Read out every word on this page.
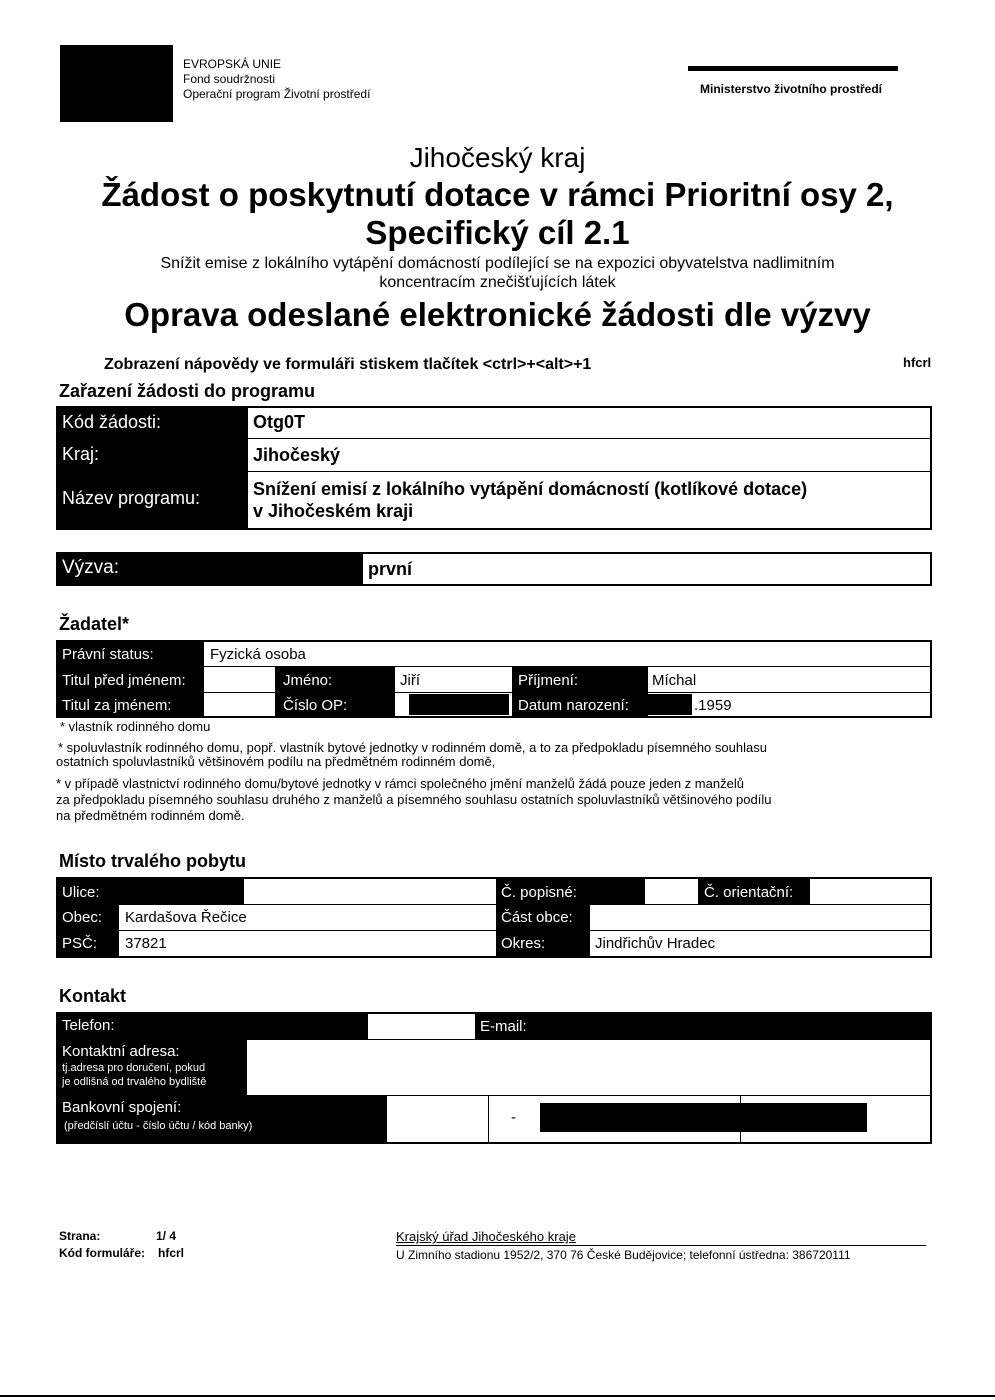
EVROPSKÁ UNIE
Fond soudržnosti
Operační program Životní prostředí	Ministerstvo životního prostředí
Jihočeský kraj
Žádost o poskytnutí dotace v rámci Prioritní osy 2,
Specifický cíl 2.1
Snížit emise z lokálního vytápění domácností podílející se na expozici obyvatelstva nadlimitním
koncentracím znečišťujících látek
Oprava odeslané elektronické žádosti dle výzvy
Zobrazení nápovědy ve formuláři stiskem tlačítek <ctrl>+<alt>+1	hfcrl
Zařazení žádosti do programu
Kód žádosti:	Otg0T
Kraj:	Jihočeský
Název programu:	Snížení emisí z lokálního vytápění domácností (kotlíkové dotace)
v Jihočeském kraji
Výzva:	první
Žadatel*
Právní status:	Fyzická osoba
Titul před jménem:	Jméno:	Jiří	Příjmení:	Míchal
Titul za jménem:	Číslo OP:	Datum narození:	.1959
* vlastník rodinného domu
* spoluvlastník rodinného domu, popř. vlastník bytové jednotky v rodinném domě, a to za předpokladu písemného souhlasu
ostatních spoluvlastníků většinovém podílu na předmětném rodinném domě,
* v případě vlastnictví rodinného domu/bytové jednotky v rámci společného jmění manželů žádá pouze jeden z manželů
za předpokladu písemného souhlasu druhého z manželů a písemného souhlasu ostatních spoluvlastníků většinového podílu
na předmětném rodinném domě.
Místo trvalého pobytu
Ulice:	Č. popisné:	Č. orientační:
Obec: Kardašova Řečice	Část obce:
PSČ: 37821	Okres:	Jindřichův Hradec
Kontakt
Telefon:	E-mail:
Kontaktní adresa:
tj.adresa pro doručení, pokud
je odlišná od trvalého bydliště
Bankovní spojení:
(předčíslí účtu - číslo účtu / kód banky)	-
Strana:	1/ 4
Kód formuláře: hfcrl
Krajský úřad Jihočeského kraje
U Zimního stadionu 1952/2, 370 76 České Budějovice; telefonní ústředna: 386720111
